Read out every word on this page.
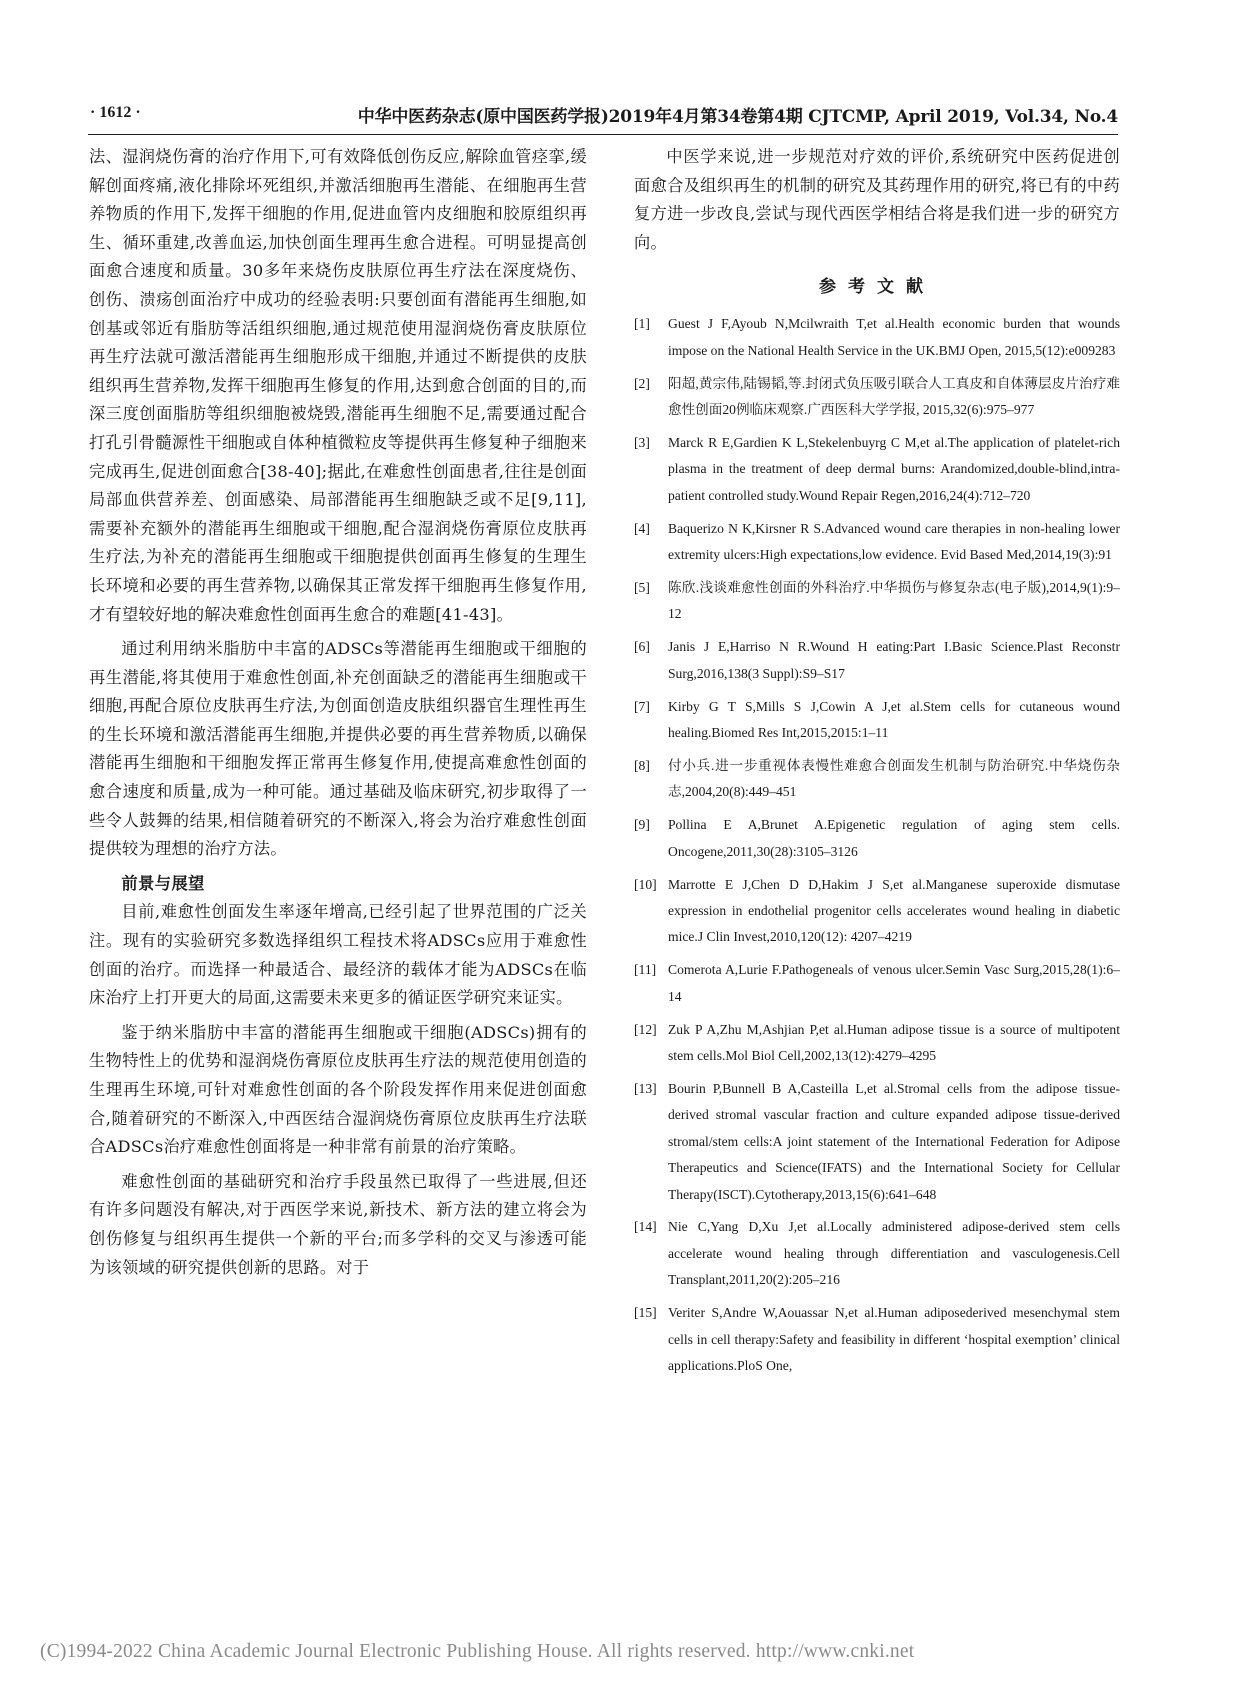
· 1612 ·	中华中医药杂志(原中国医药学报)2019年4月第34卷第4期 CJTCMP, April 2019, Vol.34, No.4

法、湿润烧伤膏的治疗作用下,可有效降低创伤反应,解除血管痉挛,缓解创面疼痛,液化排除坏死组织,并激活细胞再生潜能、在细胞再生营养物质的作用下,发挥干细胞的作用,促进血管内皮细胞和胶原组织再生、循环重建,改善血运,加快创面生理再生愈合进程。可明显提高创面愈合速度和质量。30多年来烧伤皮肤原位再生疗法在深度烧伤、创伤、溃疡创面治疗中成功的经验表明:只要创面有潜能再生细胞,如创基或邻近有脂肪等活组织细胞,通过规范使用湿润烧伤膏皮肤原位再生疗法就可激活潜能再生细胞形成干细胞,并通过不断提供的皮肤组织再生营养物,发挥干细胞再生修复的作用,达到愈合创面的目的,而深三度创面脂肪等组织细胞被烧毁,潜能再生细胞不足,需要通过配合打孔引骨髓源性干细胞或自体种植微粒皮等提供再生修复种子细胞来完成再生,促进创面愈合[38-40];据此,在难愈性创面患者,往往是创面局部血供营养差、创面感染、局部潜能再生细胞缺乏或不足[9,11],需要补充额外的潜能再生细胞或干细胞,配合湿润烧伤膏原位皮肤再生疗法,为补充的潜能再生细胞或干细胞提供创面再生修复的生理生长环境和必要的再生营养物,以确保其正常发挥干细胞再生修复作用,才有望较好地的解决难愈性创面再生愈合的难题[41-43]。

通过利用纳米脂肪中丰富的ADSCs等潜能再生细胞或干细胞的再生潜能,将其使用于难愈性创面,补充创面缺乏的潜能再生细胞或干细胞,再配合原位皮肤再生疗法,为创面创造皮肤组织器官生理性再生的生长环境和激活潜能再生细胞,并提供必要的再生营养物质,以确保潜能再生细胞和干细胞发挥正常再生修复作用,使提高难愈性创面的愈合速度和质量,成为一种可能。通过基础及临床研究,初步取得了一些令人鼓舞的结果,相信随着研究的不断深入,将会为治疗难愈性创面提供较为理想的治疗方法。

前景与展望

目前,难愈性创面发生率逐年增高,已经引起了世界范围的广泛关注。现有的实验研究多数选择组织工程技术将ADSCs应用于难愈性创面的治疗。而选择一种最适合、最经济的载体才能为ADSCs在临床治疗上打开更大的局面,这需要未来更多的循证医学研究来证实。

鉴于纳米脂肪中丰富的潜能再生细胞或干细胞(ADSCs)拥有的生物特性上的优势和湿润烧伤膏原位皮肤再生疗法的规范使用创造的生理再生环境,可针对难愈性创面的各个阶段发挥作用来促进创面愈合,随着研究的不断深入,中西医结合湿润烧伤膏原位皮肤再生疗法联合ADSCs治疗难愈性创面将是一种非常有前景的治疗策略。

难愈性创面的基础研究和治疗手段虽然已取得了一些进展,但还有许多问题没有解决,对于西医学来说,新技术、新方法的建立将会为创伤修复与组织再生提供一个新的平台;而多学科的交叉与渗透可能为该领域的研究提供创新的思路。对于

中医学来说,进一步规范对疗效的评价,系统研究中医药促进创面愈合及组织再生的机制的研究及其药理作用的研究,将已有的中药复方进一步改良,尝试与现代西医学相结合将是我们进一步的研究方向。

参考文献
[1] Guest J F,Ayoub N,Mcilwraith T,et al.Health economic burden that wounds impose on the National Health Service in the UK.BMJ Open, 2015,5(12):e009283
[2] 阳超,黄宗伟,陆锡韬,等.封闭式负压吸引联合人工真皮和自体薄层皮片治疗难愈性创面20例临床观察.广西医科大学学报, 2015,32(6):975–977
[3] Marck R E,Gardien K L,Stekelenbuyrg C M,et al.The application of platelet-rich plasma in the treatment of deep dermal burns: Arandomized,double-blind,intra-patient controlled study.Wound Repair Regen,2016,24(4):712–720
[4] Baquerizo N K,Kirsner R S.Advanced wound care therapies in non-healing lower extremity ulcers:High expectations,low evidence. Evid Based Med,2014,19(3):91
[5] 陈欣.浅谈难愈性创面的外科治疗.中华损伤与修复杂志(电子版),2014,9(1):9–12
[6] Janis J E,Harriso N R.Wound H eating:Part I.Basic Science.Plast Reconstr Surg,2016,138(3 Suppl):S9–S17
[7] Kirby G T S,Mills S J,Cowin A J,et al.Stem cells for cutaneous wound healing.Biomed Res Int,2015,2015:1–11
[8] 付小兵.进一步重视体表慢性难愈合创面发生机制与防治研究.中华烧伤杂志,2004,20(8):449–451
[9] Pollina E A,Brunet A.Epigenetic regulation of aging stem cells. Oncogene,2011,30(28):3105–3126
[10] Marrotte E J,Chen D D,Hakim J S,et al.Manganese superoxide dismutase expression in endothelial progenitor cells accelerates wound healing in diabetic mice.J Clin Invest,2010,120(12): 4207–4219
[11] Comerota A,Lurie F.Pathogeneals of venous ulcer.Semin Vasc Surg,2015,28(1):6–14
[12] Zuk P A,Zhu M,Ashjian P,et al.Human adipose tissue is a source of multipotent stem cells.Mol Biol Cell,2002,13(12):4279–4295
[13] Bourin P,Bunnell B A,Casteilla L,et al.Stromal cells from the adipose tissue-derived stromal vascular fraction and culture expanded adipose tissue-derived stromal/stem cells:A joint statement of the International Federation for Adipose Therapeutics and Science(IFATS) and the International Society for Cellular Therapy(ISCT).Cytotherapy,2013,15(6):641–648
[14] Nie C,Yang D,Xu J,et al.Locally administered adipose-derived stem cells accelerate wound healing through differentiation and vasculogenesis.Cell Transplant,2011,20(2):205–216
[15] Veriter S,Andre W,Aouassar N,et al.Human adiposederived mesenchymal stem cells in cell therapy:Safety and feasibility in different ‘hospital exemption’ clinical applications.PloS One,
(C)1994-2022 China Academic Journal Electronic Publishing House. All rights reserved. http://www.cnki.net
